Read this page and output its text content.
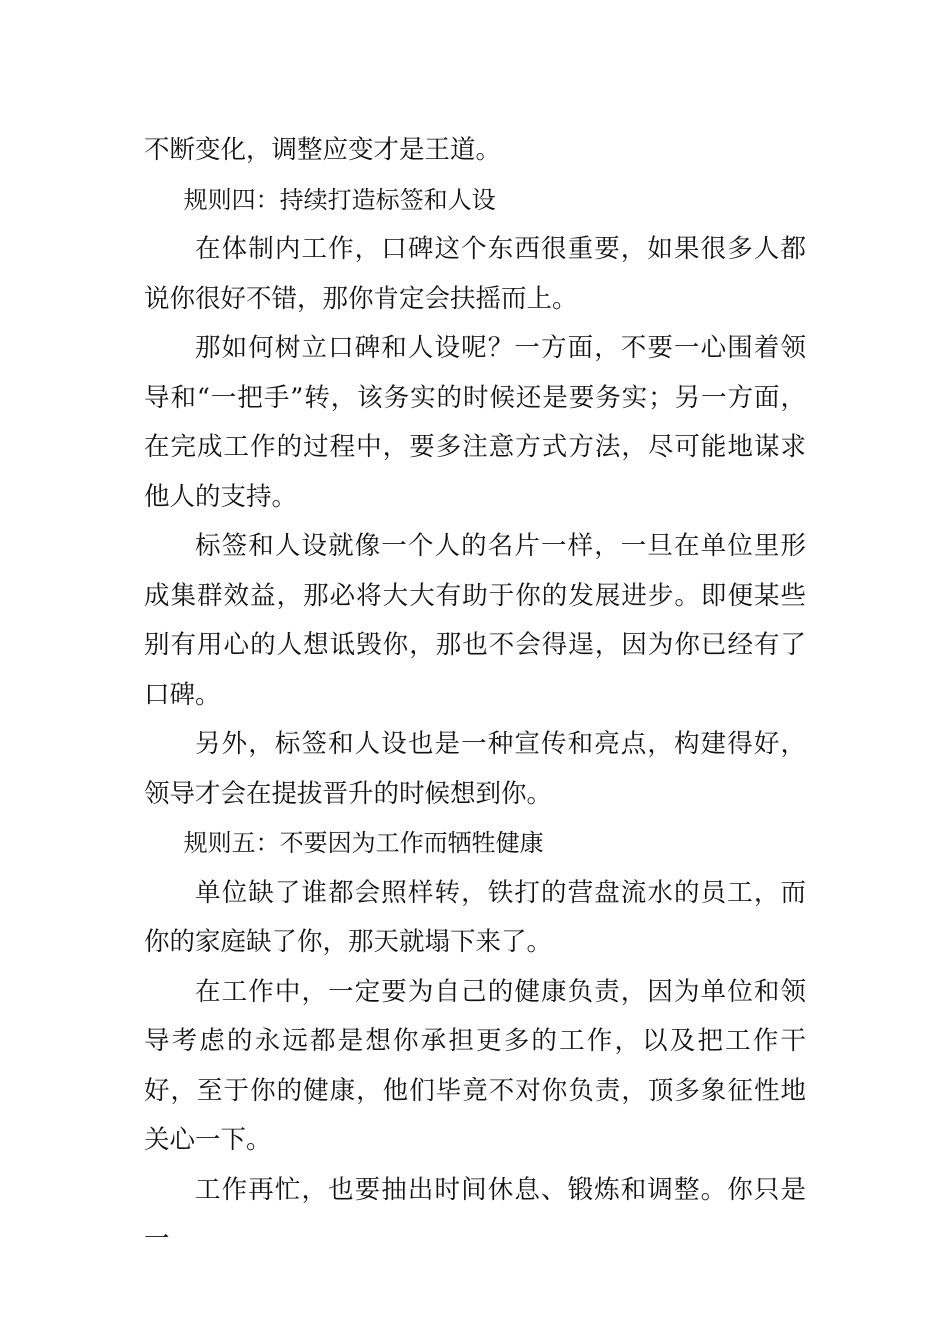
不断变化，调整应变才是王道。

规则四：持续打造标签和人设

在体制内工作，口碑这个东西很重要，如果很多人都说你很好不错，那你肯定会扶摇而上。

那如何树立口碑和人设呢？一方面，不要一心围着领导和“一把手”转，该务实的时候还是要务实；另一方面，在完成工作的过程中，要多注意方式方法，尽可能地谋求他人的支持。

标签和人设就像一个人的名片一样，一旦在单位里形成集群效益，那必将大大有助于你的发展进步。即便某些别有用心的人想诋毁你，那也不会得逞，因为你已经有了口碑。

另外，标签和人设也是一种宣传和亮点，构建得好，领导才会在提拔晋升的时候想到你。

规则五：不要因为工作而牺牲健康

单位缺了谁都会照样转，铁打的营盘流水的员工，而你的家庭缺了你，那天就塌下来了。

在工作中，一定要为自己的健康负责，因为单位和领导考虑的永远都是想你承担更多的工作，以及把工作干好，至于你的健康，他们毕竟不对你负责，顶多象征性地关心一下。

工作再忙，也要抽出时间休息、锻炼和调整。你只是一
